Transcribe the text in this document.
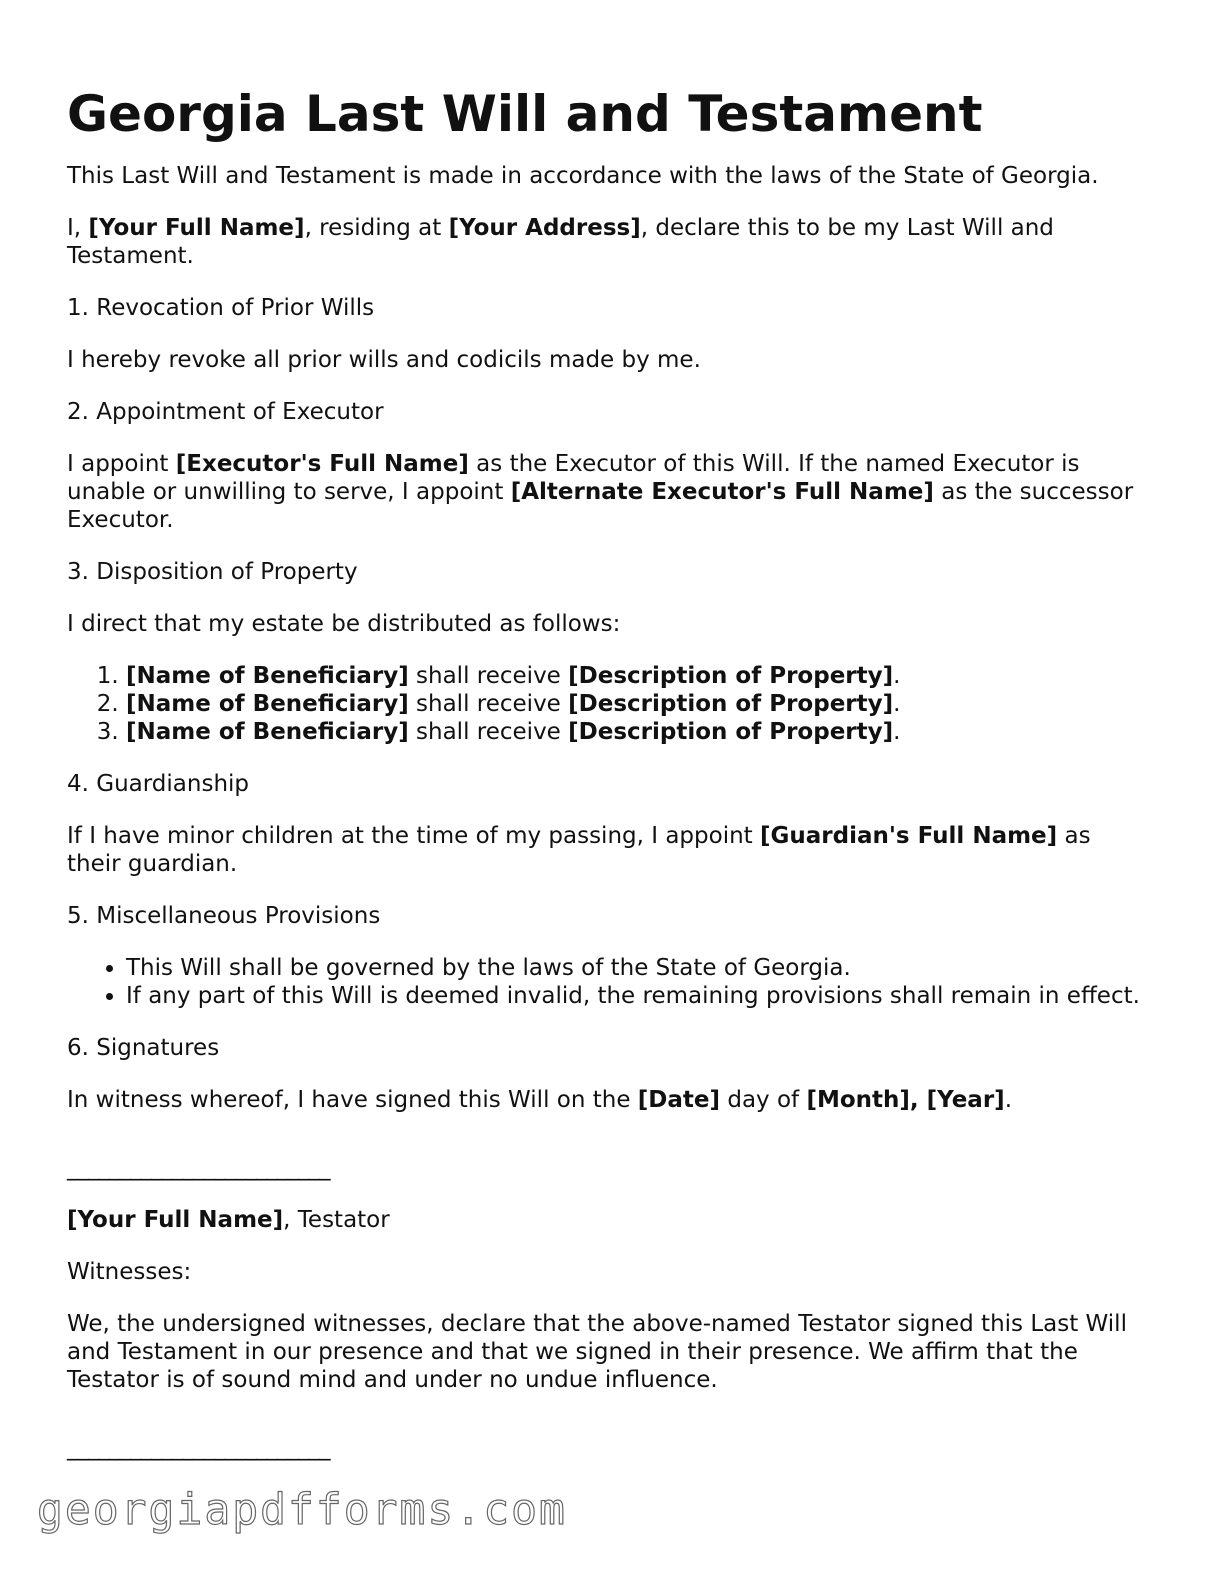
Georgia Last Will and Testament

This Last Will and Testament is made in accordance with the laws of the State of Georgia.

I, [Your Full Name], residing at [Your Address], declare this to be my Last Will and Testament.

1. Revocation of Prior Wills

I hereby revoke all prior wills and codicils made by me.

2. Appointment of Executor

I appoint [Executor's Full Name] as the Executor of this Will. If the named Executor is unable or unwilling to serve, I appoint [Alternate Executor's Full Name] as the successor Executor.

3. Disposition of Property

I direct that my estate be distributed as follows:

1. [Name of Beneficiary] shall receive [Description of Property].
2. [Name of Beneficiary] shall receive [Description of Property].
3. [Name of Beneficiary] shall receive [Description of Property].

4. Guardianship

If I have minor children at the time of my passing, I appoint [Guardian's Full Name] as their guardian.

5. Miscellaneous Provisions

• This Will shall be governed by the laws of the State of Georgia.
• If any part of this Will is deemed invalid, the remaining provisions shall remain in effect.

6. Signatures

In witness whereof, I have signed this Will on the [Date] day of [Month], [Year].

_________________________

[Your Full Name], Testator

Witnesses:

We, the undersigned witnesses, declare that the above-named Testator signed this Last Will and Testament in our presence and that we signed in their presence. We affirm that the Testator is of sound mind and under no undue influence.

_________________________
georgiapdfforms.com
